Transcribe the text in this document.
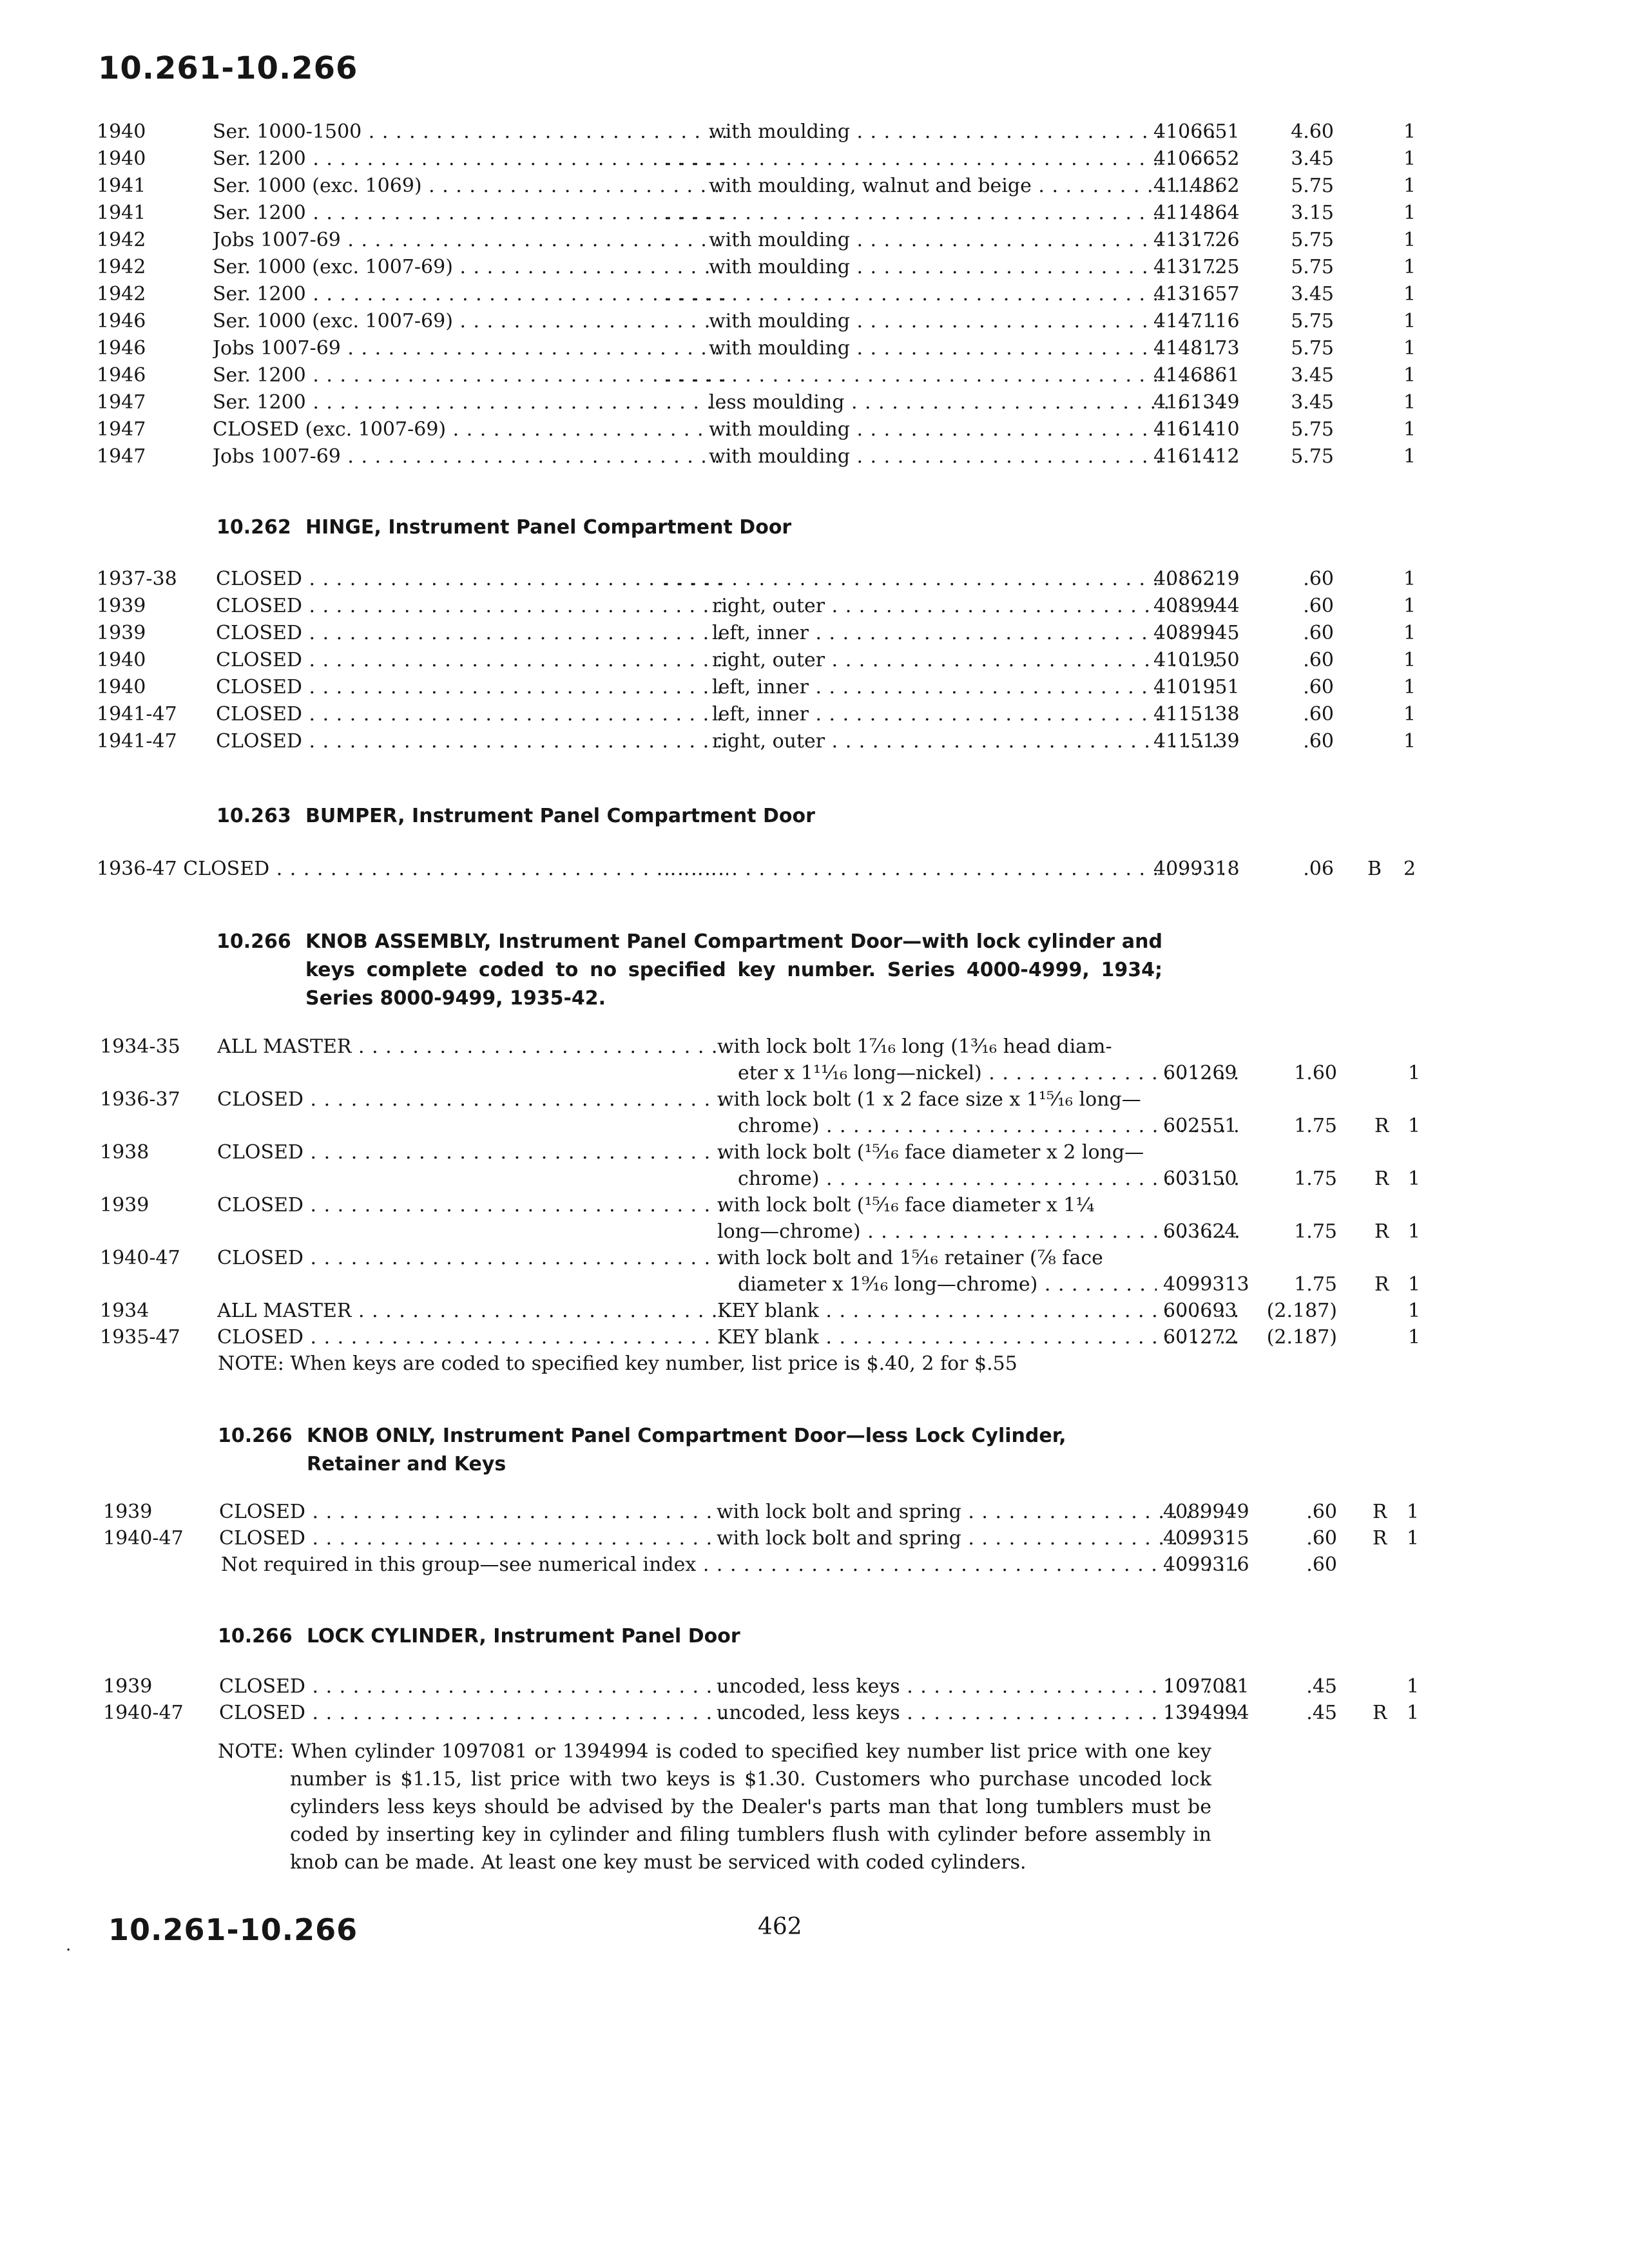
10.261-10.266
1940	Ser. 1000-1500 . . .	with moulding . . .	4106651	4.60	1
1940	Ser. 1200 . . . . . .	4106652	3.45	1
1941	Ser. 1000 (exc. 1069) . . .	with moulding, walnut and beige . . .	4114862	5.75	1
1941	Ser. 1200 . . . . . .	4114864	3.15	1
1942	Jobs 1007-69 . . .	with moulding . . .	4131726	5.75	1
1942	Ser. 1000 (exc. 1007-69) . . .	with moulding . . .	4131725	5.75	1
1942	Ser. 1200 . . . . . .	4131657	3.45	1
1946	Ser. 1000 (exc. 1007-69) . . .	with moulding . . .	4147116	5.75	1
1946	Jobs 1007-69 . . .	with moulding . . .	4148173	5.75	1
1946	Ser. 1200 . . . . . .	4146861	3.45	1
1947	Ser. 1200 . . .	less moulding . . .	4161349	3.45	1
1947	CLOSED (exc. 1007-69) . . .	with moulding . . .	4161410	5.75	1
1947	Jobs 1007-69 . . .	with moulding . . .	4161412	5.75	1
10.262 HINGE, Instrument Panel Compartment Door
1937-38 CLOSED . . . . . .	4086219	.60	1
1939	CLOSED . . .	right, outer . . .	4089944	.60	1
1939	CLOSED . . .	left, inner . . .	4089945	.60	1
1940	CLOSED . . .	right, outer . . .	4101950	.60	1
1940	CLOSED . . .	left, inner . . .	4101951	.60	1
1941-47 CLOSED . . .	left, inner . . .	4115138	.60	1
1941-47 CLOSED . . .	right, outer . . .	4115139	.60	1
10.263 BUMPER, Instrument Panel Compartment Door
1936-47 CLOSED . . . . . .	4099318	.06 B 2
10.266 KNOB ASSEMBLY, Instrument Panel Compartment Door—with lock cylinder and keys complete coded to no specified key number. Series 4000-4999, 1934; Series 8000-9499, 1935-42.
1934-35 ALL MASTER . . .	with lock bolt 1⁷⁄₁₆ long (1³⁄₁₆ head diam-
eter x 1¹¹⁄₁₆ long—nickel) . . .	601269	1.60	1
1936-37 CLOSED . . .	with lock bolt (1 x 2 face size x 1¹⁵⁄₁₆ long—
chrome) . . .	602551	1.75 R 1
1938	CLOSED . . .	with lock bolt (¹⁵⁄₁₆ face diameter x 2 long—
chrome) . . .	603150	1.75 R 1
1939	CLOSED . . .	with lock bolt (¹⁵⁄₁₆ face diameter x 1¼
long—chrome) . . .	603624	1.75 R 1
1940-47 CLOSED . . .	with lock bolt and 1⁵⁄₁₆ retainer (⅞ face
diameter x 1⁹⁄₁₆ long—chrome) . . .	4099313	1.75 R 1
1934	ALL MASTER . . .	KEY blank . . .	600693	(2.187)	1
1935-47 CLOSED . . .	KEY blank . . .	601272	(2.187)	1
NOTE: When keys are coded to specified key number, list price is $.40, 2 for $.55
10.266 KNOB ONLY, Instrument Panel Compartment Door—less Lock Cylinder, Retainer and Keys
1939	CLOSED . . .	with lock bolt and spring . . .	4089949	.60 R 1
1940-47 CLOSED . . .	with lock bolt and spring . . .	4099315	.60 R 1
Not required in this group—see numerical index . . .	4099316	.60
10.266 LOCK CYLINDER, Instrument Panel Door
1939	CLOSED . . .	uncoded, less keys . . .	1097081	.45	1
1940-47 CLOSED . . .	uncoded, less keys . . .	1394994	.45 R 1
NOTE: When cylinder 1097081 or 1394994 is coded to specified key number list price with one key number is $1.15, list price with two keys is $1.30. Customers who purchase uncoded lock cylinders less keys should be advised by the Dealer's parts man that long tumblers must be coded by inserting key in cylinder and filing tumblers flush with cylinder before assembly in knob can be made. At least one key must be serviced with coded cylinders.
. 10.261-10.266	462
